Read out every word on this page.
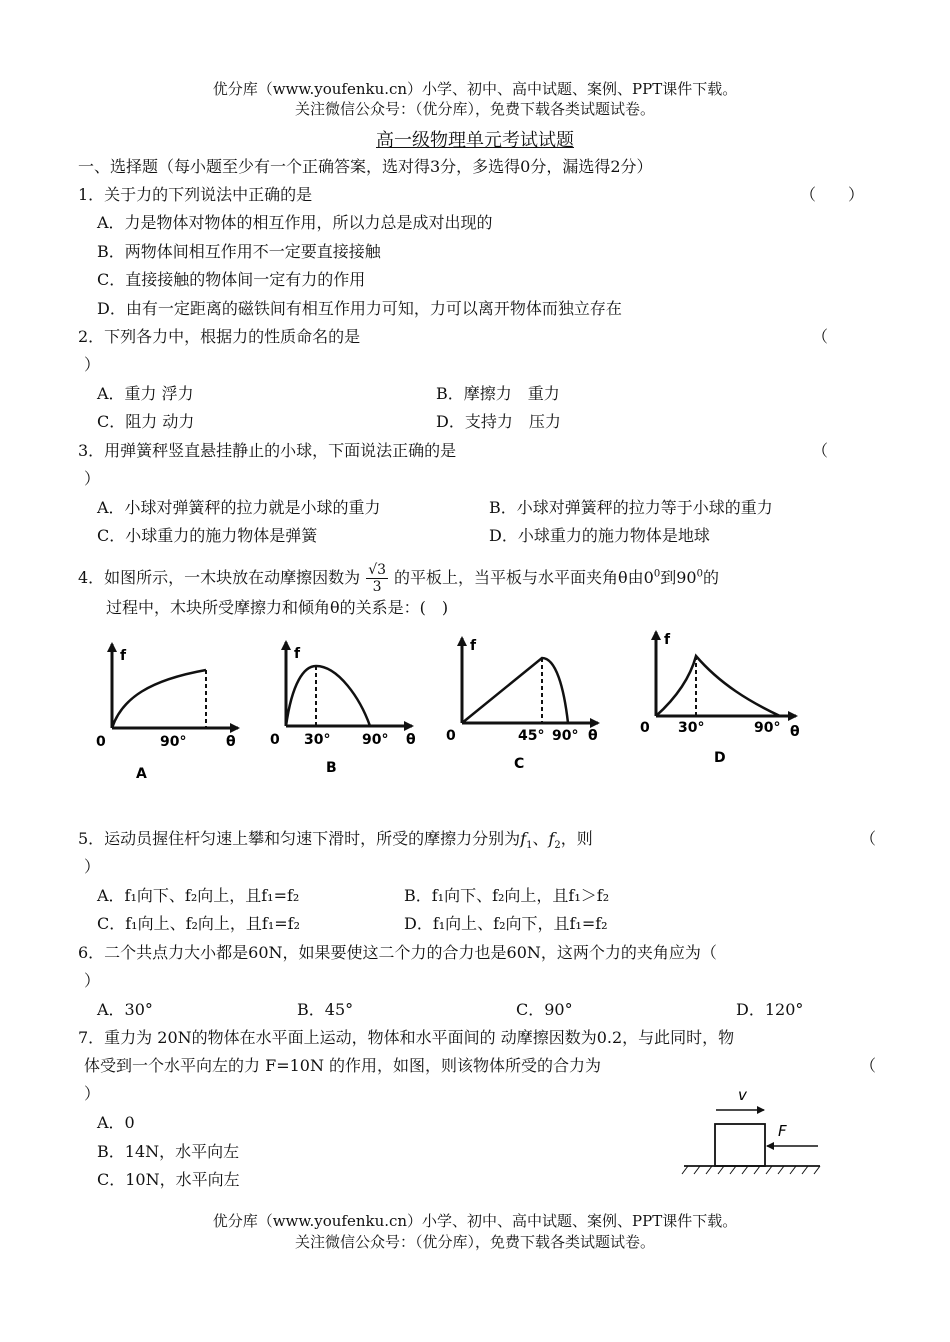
优分库（www.youfenku.cn）小学、初中、高中试题、案例、PPT课件下载。
关注微信公众号：（优分库），免费下载各类试题试卷。
高一级物理单元考试试题
一、选择题（每小题至少有一个正确答案，选对得3分，多选得0分，漏选得2分）
1．关于力的下列说法中正确的是	（　　）
A．力是物体对物体的相互作用，所以力总是成对出现的
B．两物体间相互作用不一定要直接接触
C．直接接触的物体间一定有力的作用
D．由有一定距离的磁铁间有相互作用力可知，力可以离开物体而独立存在
2．下列各力中，根据力的性质命名的是	（
）
A．重力 浮力	B．摩擦力　重力
C．阻力 动力	D．支持力　压力
3．用弹簧秤竖直悬挂静止的小球，下面说法正确的是	（
）
A．小球对弹簧秤的拉力就是小球的重力	B．小球对弹簧秤的拉力等于小球的重力
C．小球重力的施力物体是弹簧	D．小球重力的施力物体是地球
4．如图所示，一木块放在动摩擦因数为 $\frac{√3}{3}$ 的平板上，当平板与水平面夹角θ由$0^0$到$90^0$的
过程中，木块所受摩擦力和倾角θ的关系是：(　)
f
0	90°	θ
A
f
0 30° 90° θ
B
f
0	45° 90° θ
C
f
0 30°	90° θ
D
5．运动员握住杆匀速上攀和匀速下滑时，所受的摩擦力分别为$f_1$、$f_2$，则	（
）
A．f₁向下、f₂向上，且f₁=f₂	B．f₁向下、f₂向上，且f₁＞f₂
C．f₁向上、f₂向上，且f₁=f₂	D．f₁向上、f₂向下，且f₁=f₂
6．二个共点力大小都是60N，如果要使这二个力的合力也是60N，这两个力的夹角应为（
）
A．30°	B．45°	C．90°	D．120°
7．重力为 20N的物体在水平面上运动，物体和水平面间的 动摩擦因数为0.2，与此同时，物
体受到一个水平向左的力 F=10N 的作用，如图，则该物体所受的合力为	（
）
A．0
B．14N，水平向左
C．10N，水平向左
v
F
优分库（www.youfenku.cn）小学、初中、高中试题、案例、PPT课件下载。
关注微信公众号：（优分库），免费下载各类试题试卷。
